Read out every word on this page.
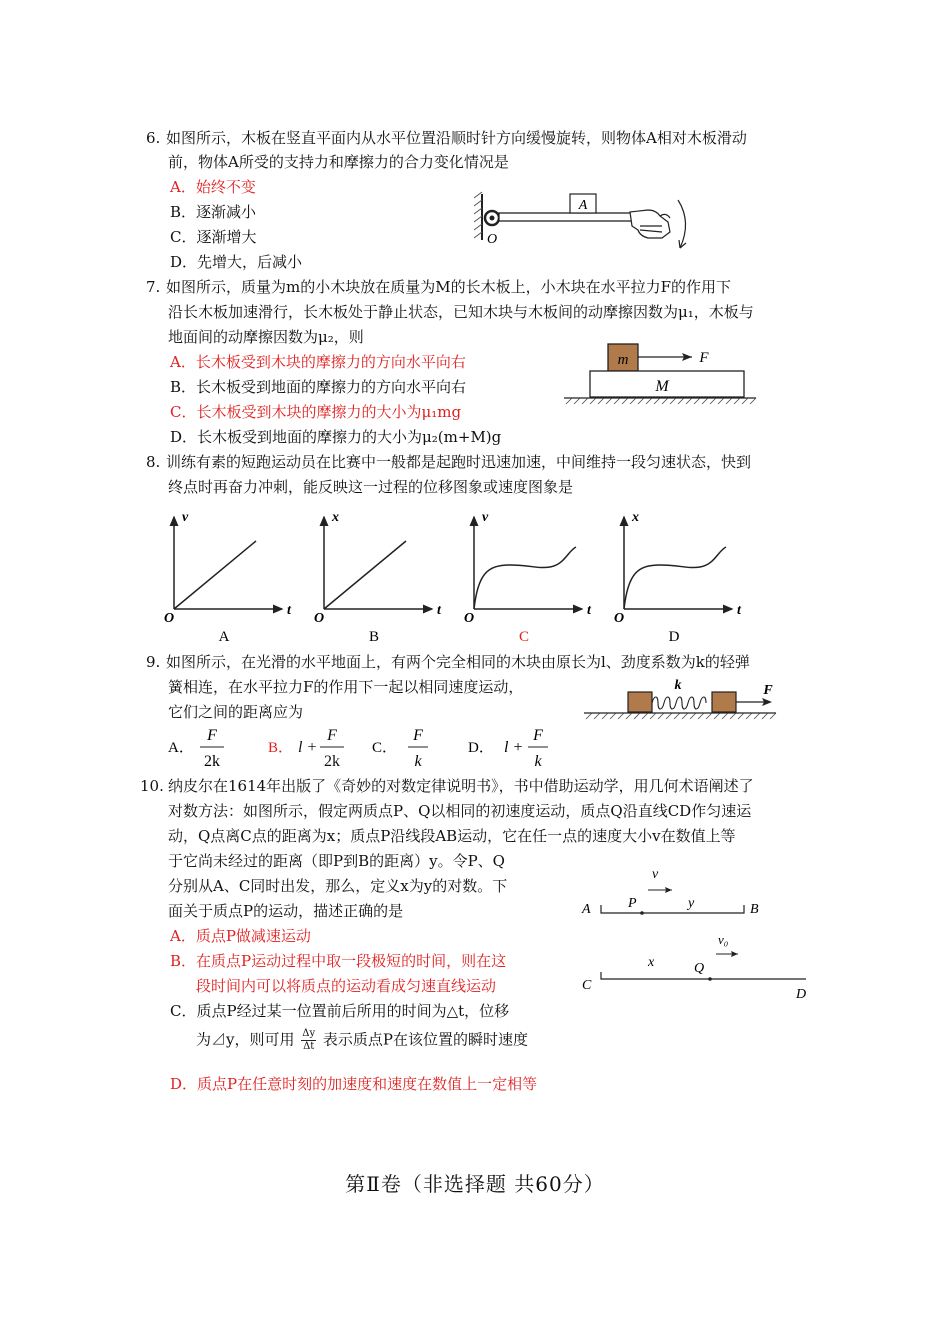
6. 如图所示，木板在竖直平面内从水平位置沿顺时针方向缓慢旋转，则物体A相对木板滑动
前，物体A所受的支持力和摩擦力的合力变化情况是
A．始终不变
B．逐渐减小
C．逐渐增大
D．先增大，后减小
A
O
7. 如图所示，质量为m的小木块放在质量为M的长木板上，小木块在水平拉力F的作用下
沿长木板加速滑行，长木板处于静止状态，已知木块与木板间的动摩擦因数为μ₁，木板与
地面间的动摩擦因数为μ₂，则
A．长木板受到木块的摩擦力的方向水平向右
B．长木板受到地面的摩擦力的方向水平向右
C．长木板受到木块的摩擦力的大小为μ₁mg
D．长木板受到地面的摩擦力的大小为μ₂(m+M)g
m	F
M
8. 训练有素的短跑运动员在比赛中一般都是起跑时迅速加速，中间维持一段匀速状态，快到
终点时再奋力冲刺，能反映这一过程的位移图象或速度图象是
v
t
O
A
x
t
O
B
v
t
O
C
x
t
O
D
9. 如图所示，在光滑的水平地面上，有两个完全相同的木块由原长为l、劲度系数为k的轻弹
簧相连，在水平拉力F的作用下一起以相同速度运动，
它们之间的距离应为
k	F
A．
F
2k
B． l +
F
2k
C．
F
k
D． l +
F
k
10. 纳皮尔在1614年出版了《奇妙的对数定律说明书》，书中借助运动学，用几何术语阐述了
对数方法：如图所示，假定两质点P、Q以相同的初速度运动，质点Q沿直线CD作匀速运
动，Q点离C点的距离为x；质点P沿线段AB运动，它在任一点的速度大小v在数值上等
于它尚未经过的距离（即P到B的距离）y。令P、Q
分别从A、C同时出发，那么，定义x为y的对数。下
面关于质点P的运动，描述正确的是
A．质点P做减速运动
B．在质点P运动过程中取一段极短的时间，则在这
段时间内可以将质点的运动看成匀速直线运动
C．质点P经过某一位置前后所用的时间为△t，位移
为⊿y，则可用 $\frac{\Delta y}{\Delta t}$ 表示质点P在该位置的瞬时速度
D．质点P在任意时刻的加速度和速度在数值上一定相等
A	B
P
v
y
C
D
Q
x
v₀
第Ⅱ卷（非选择题 共60分）
